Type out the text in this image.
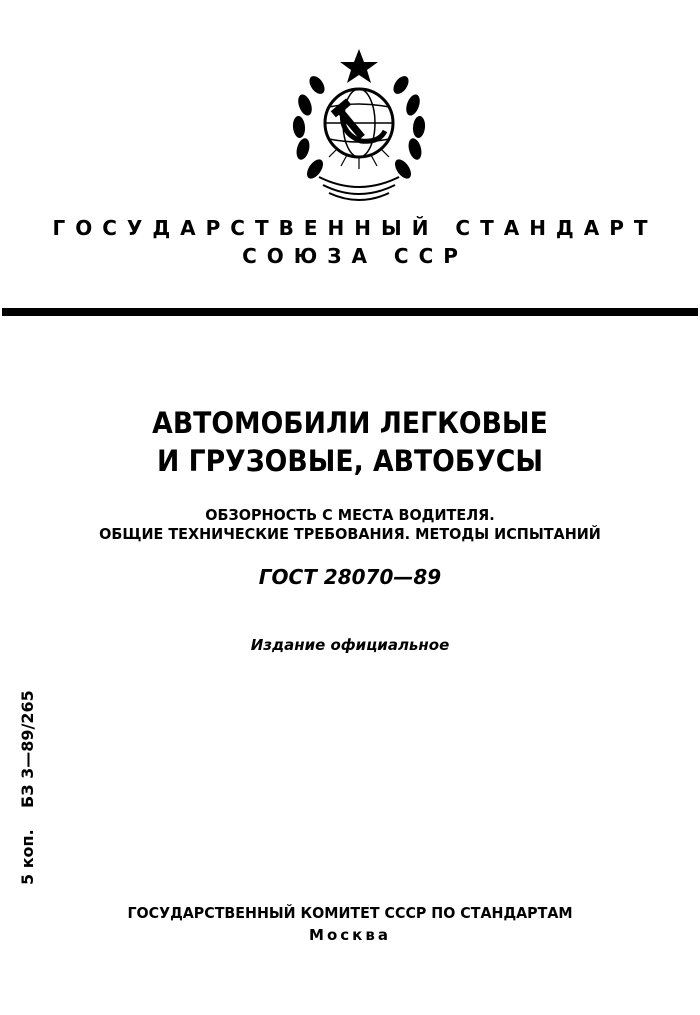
ГОСУДАРСТВЕННЫЙ СТАНДАРТ
СОЮЗА ССР
АВТОМОБИЛИ ЛЕГКОВЫЕ
И ГРУЗОВЫЕ, АВТОБУСЫ
ОБЗОРНОСТЬ С МЕСТА ВОДИТЕЛЯ.
ОБЩИЕ ТЕХНИЧЕСКИЕ ТРЕБОВАНИЯ. МЕТОДЫ ИСПЫТАНИЙ
ГОСТ 28070—89
Издание официальное
5 коп.
БЗ 3—89/265
ГОСУДАРСТВЕННЫЙ КОМИТЕТ СССР ПО СТАНДАРТАМ
Москва
